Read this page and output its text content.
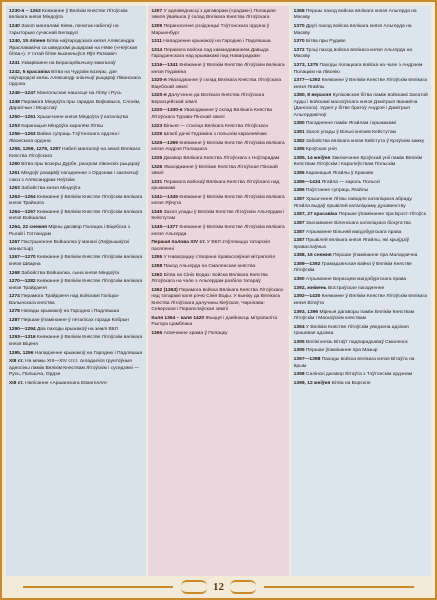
1230-я – 1263 Княжанне ў Вялікім Княстве Літоўскім вялікага князя Міндоўга

1240 Захоп мангаламі Кіева, пачатак набегаў на тэрыторыю сучаснай Беларусі

1240, 15 ліпеня Бітва наўгародскага князя Аляксандра Яраслававіча са шведскімі рыцарамі на Няве («Неўская бітва»). У гэтай бітве вызначыўся Яўп Ратмавіч

1241 Узварванне на Берасцейшчыну мангалаў

1242, 5 красавіка Бітва на Чудскім возеры, дзе наўгародскі князь Аляксандр знішчыў рыцараў Лівонскага ордэна

1246—1247 Мангольскае нашэсце на Літву і Русь

1248 Перамога Міндоўга пры гарадах Ваўкавыск, Слонім, Дарагічын і Мсціслаў

1250—1251 Хрышчэнне князя Міндоўга ў каталіцтва

1253 Каранацыя Міндоўга каралём Літвы

1256—1263 Вайна супраць Тэўтонскага ордэна і Лівонскага ордэна

1258, 1259, 1275, 1287 Набегі мангалаў на землі Вялікага Княства Літоўскага

1260 Бітва пры возеры Дурбе, разгром лівонскіх рыцараў

1261 Міндоўг разарвіў пагадненне з Ордэнам і заключыў саюз з Аляксандрам Неўскім

1263 Забойства князя Міндоўга

1263—1264 Княжанне ў Вялікім Княстве Літоўскім вялікага князя Трайната

1264—1267 Княжанне ў Вялікім Княстве Літоўскім вялікага князя Войшалка

1264, 22 снежня Мірны дагавор Полацка і Віцебска з Рыгай і Готландам

1267 Пастрыжэнне Войшалка ў манахі (Лаўрышаўскі манастыр)

1267—1270 Княжанне ў Вялікім Княстве Літоўскім вялікага князя Шварна

1268 Забойства Войшалка, сына князя Міндоўга

1270—1282 Княжанне ў Вялікім Княстве Літоўскім вялікага князя Трайдзеня

1274 Перамога Трайдзеня над войскамі Галіцка-Валынскага княства

1278 Напады крыжакоў на Гародню і Падляшша

1287 Першае ўпамінанне ў летапісах горада Кобрын

1290—1294 Два паходы крыжакоў на землі ВКЛ

1293—1316 Княжанне ў Вялікім Княстве Літоўскім вялікага князя Віценя

1295, 1296 Нападзенне крыжакоў на Гародню і Падляшша

XIII ст. На мяжы XIII—XIV стст. складаліся грунтоўныя адносіны паміж Вялікім Княствам Літоўскім і суседзямі — Русь, Польшча, Ордэн

XIII ст. Напісанне «Аршанскага Евангелля»

1307 У адпаведнасці з дагаворам («радам») Полацкая зямля ўвайшла ў склад Вялікага Княства Літоўскага

1309 Пераносенне рэзідэнцыі Тэўтонскага ордэна ў Марыенбург

1311 Нападзенне крыжакоў на Гародню і Падляшша

1314 Перамога войска пад камандаваннем Давыда Гарадзенскага над крыжакамі пад Наваградкам

1316—1341 Княжанне ў Вялікім Княстве Літоўскім вялікага князя Гедзіміна

1320-я Уваходжанне ў склад Вялікага Княства Літоўскага Віцебскай зямлі

1320-я Далучэнне да Вялікага Княства Літоўскага Берасцейскай зямлі

1320—1330-я Уваходжанне ў склад Вялікага Княства Літоўскага Турава-Пінскай зямлі

1323 Вільня — сталіца Вялікага Княства Літоўскага

1325 Шлюб дачкі Гедзіміна з польскім каралевічам

1325—1399 Княжанне ў Вялікім Княстве Літоўскім вялікага князя Андрэя Полацкага

1326 Дагавор Вялікага Княства Літоўскага з Ноўгарадам

1326 Уваходжанне ў Вялікае Княства Літоўскае Пінскай зямлі

1331 Перамога войскаў Вялікага Княства Літоўскага над крыжакамі

1341—1345 Княжанне ў Вялікім Княстве Літоўскім вялікага князя Яўнута

1345 Захоп улады ў Вялікім Княстве Літоўскім Альгердам і Кейстутам

1345—1377 Княжанне ў Вялікім Княстве Літоўскім вялікага князя Альгерда

Першая палова XIV ст. У ВКЛ з'яўляюцца татарскія пасяленні

1355 У Наваградку створана праваслаўная мітраполія

1358 Паход Альгерда на Смаленскае княства

1362 Бітва на Сініх Водах: войска Вялікага Княства Літоўскага на чале з Альгердам разбіла татараў

1362 (1363) Перамога войска Вялікага Княства Літоўскага над татарамі каля рэчкі Сінія Воды. У выніку да Вялікага Княства Літоўскага далучаны Кіеўская, Чарнігава-Северская і Пераяслаўская землі

Каля 1364 – каля 1420 Жыццё і дзейнасць мітрапаліта Рыгора Цамблака

1366 Асвечанне храма ў Полацку

1368 Першы паход войска вялікага князя Альгерда на Маскву

1370 Другі паход войска вялікага князя Альгерда на Маскву

1370 Бітва пры Рудаве

1372 Трэці паход войска вялікага князя Альгерда на Маскву

1373, 1375 Паходы полацкага войска на чале з Андрэем Полацкім на Лівонію

1377—1392 Княжанне ў Вялікім Княстве Літоўскім вялікага князя Ягайлы

1380, 8 верасня Куліковская бітва паміж войскамі Залатой Арды і войскамі маскоўскага князя Дзмітрыя Іванавіча (Данскога). Удзел у бітве братоў Андрэя і Дзмітрыя Альгердавічаў

1380 Пагадненне паміж Ягайлам і крыжакамі

1381 Захоп улады ў Вільні князем Кейстутам

1382 Забойства вялікага князя Кейстута ў Крэўскім замку

1385 Крэўская унія

1385, 14 жніўня Заключэнне Крэўскай уніі паміж Вялікім Княствам Літоўскім і Каралеўствам Польскім

1386 Каранацыя Ягайлы ў Кракаве

1386—1434 Ягайла — кароль Польскі

1386 Паўстанне супраць Ягайлы

1387 Хрышчэнне Літвы паводле каталіцкага абраду. Ягайла выдаў прывілей каталіцкаму духавенству

1387, 27 красавіка Першае ўпамінанне пра Брэст-Літоўск

1387 Заснаванне Віленскага каталіцкага біскупства

1387 Атрыманне Вільняй магдэбургскага права

1387 Прывілей вялікага князя Ягайлы, які крыўдзіў праваслаўных

1388, 16 снежня Першае ўпамінанне пра Маладзечна

1389—1392 Грамадзянская вайна ў Вялікім Княстве Літоўскім

1390 Атрыманне Берасцем магдэбургскага права

1392, жнівень Востраўскае пагадненне

1392—1430 Княжанне ў Вялікім Княстве Літоўскім вялікага князя Вітаўта

1393, 1396 Мірныя дагаворы паміж Вялікім Княствам Літоўскім і Маскоўскім княствам

1394 У Вялікім Княстве Літоўскім уведзена адзіная грашовая адзінка

1395 Вялікі князь Вітаўт падпарадкаваў Смаленск

1395 Першае ўпамінанне пра Мазыр

1397—1398 Паходы войска вялікага князя Вітаўта на Крым

1398 Салінскі дагавор Вітаўта з Тэўтонскім ордэнам

1399, 12 жніўня Бітва на Ворскле

12
